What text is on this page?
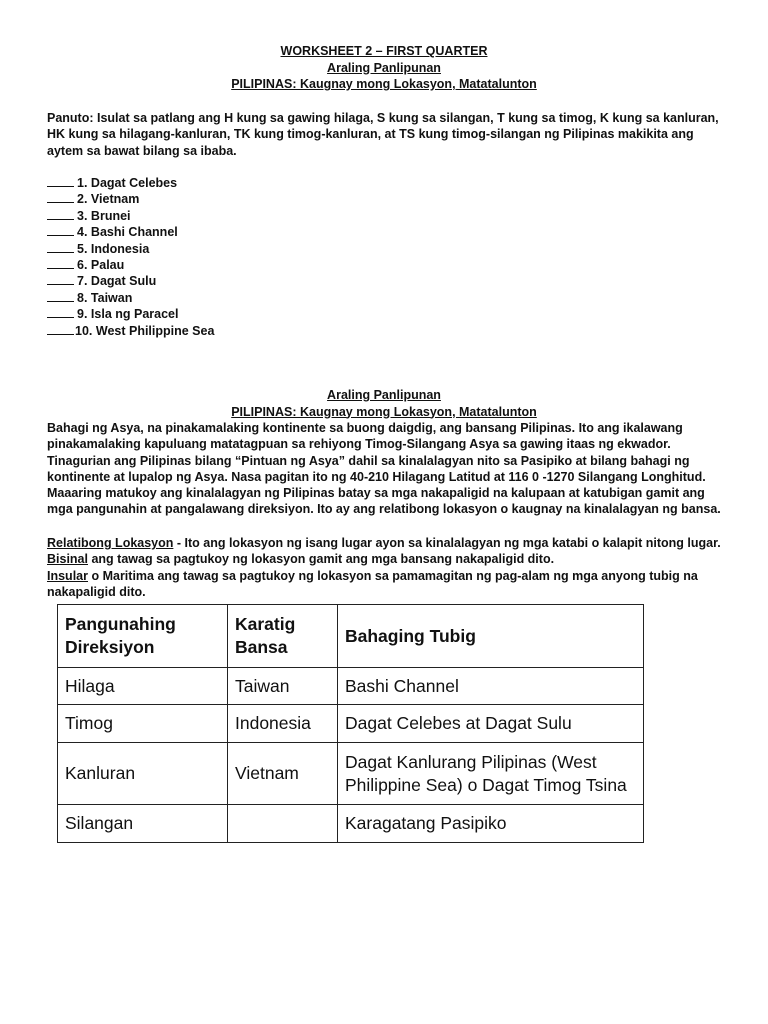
WORKSHEET 2 – FIRST QUARTER
Araling Panlipunan
PILIPINAS: Kaugnay mong Lokasyon, Matatalunton
Panuto: Isulat sa patlang ang H kung sa gawing hilaga, S kung sa silangan, T kung sa timog, K kung sa kanluran, HK kung sa hilagang-kanluran, TK kung timog-kanluran, at TS kung timog-silangan ng Pilipinas makikita ang aytem sa bawat bilang sa ibaba.
1. Dagat Celebes
2. Vietnam
3. Brunei
4. Bashi Channel
5. Indonesia
6. Palau
7. Dagat Sulu
8. Taiwan
9. Isla ng Paracel
10. West Philippine Sea
Araling Panlipunan
PILIPINAS: Kaugnay mong Lokasyon, Matatalunton
Bahagi ng Asya, na pinakamalaking kontinente sa buong daigdig, ang bansang Pilipinas. Ito ang ikalawang pinakamalaking kapuluang matatagpuan sa rehiyong Timog-Silangang Asya sa gawing itaas ng ekwador. Tinagurian ang Pilipinas bilang “Pintuan ng Asya” dahil sa kinalalagyan nito sa Pasipiko at bilang bahagi ng kontinente at lupalop ng Asya. Nasa pagitan ito ng 40-210 Hilagang Latitud at 116 0 -1270 Silangang Longhitud. Maaaring matukoy ang kinalalagyan ng Pilipinas batay sa mga nakapaligid na kalupaan at katubigan gamit ang mga pangunahin at pangalawang direksiyon. Ito ay ang relatibong lokasyon o kaugnay na kinalalagyan ng bansa.
Relatibong Lokasyon - Ito ang lokasyon ng isang lugar ayon sa kinalalagyan ng mga katabi o kalapit nitong lugar.
Bisinal ang tawag sa pagtukoy ng lokasyon gamit ang mga bansang nakapaligid dito.
Insular o Maritima ang tawag sa pagtukoy ng lokasyon sa pamamagitan ng pag-alam ng mga anyong tubig na nakapaligid dito.
Pangunahing Direksiyon	Karatig Bansa	Bahaging Tubig
Hilaga	Taiwan	Bashi Channel
Timog	Indonesia	Dagat Celebes at Dagat Sulu
Kanluran	Vietnam	Dagat Kanlurang Pilipinas (West Philippine Sea) o Dagat Timog Tsina
Silangan		Karagatang Pasipiko
